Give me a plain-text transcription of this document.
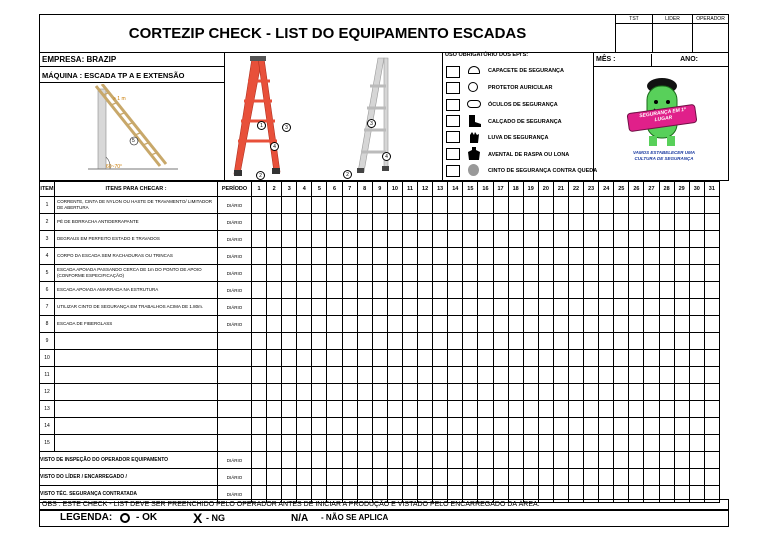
CORTEZIP CHECK - LIST DO EQUIPAMENTO ESCADAS
TST	LIDER	OPERADOR
EMPRESA: BRAZIP
MÁQUINA : ESCADA TP A E EXTENSÃO
> 1 m
5
60~70°
1	3
4
2
3
4
2
USO OBRIGATÓRIO DOS EPI'S:
CAPACETE DE SEGURANÇA
PROTETOR AURICULAR
ÓCULOS DE SEGURANÇA
CALÇADO DE SEGURANÇA
LUVA DE SEGURANÇA
AVENTAL DE RASPA OU LONA
CINTO DE SEGURANÇA CONTRA QUEDA
MÊS :	ANO:
SEGURANÇA EM 1º LUGAR
VAMOS ESTABELECER UMA CULTURA DE SEGURANÇA
ITEM	ITENS PARA CHECAR :	PERÍODO	1	2	3	4	5	6	7	8	9	10	11	12	13	14	15	16	17	18	19	20	21	22	23	24	25	26	27	28	29	30	31
1	CORRENTE, CINTA DE NYLON OU HASTE DE TRAVAMENTO/ LIMITADOR DE ABERTURA	DIÁRIO																															
2	PÉ DE BORRACHA ANTIDERRAPANTE	DIÁRIO																															
3	DEGRAUS EM PERFEITO ESTADO E TRAVADOS	DIÁRIO																															
4	CORPO DA ESCADA SEM RACHADURAS OU TRINCAS	DIÁRIO																															
5	ESCADA APOIADA PASSANDO CERCA DE 1m DO PONTO DE APOIO (CONFORME ESPECIFICAÇÃO)	DIÁRIO																															
6	ESCADA APOIADA AMARRADA NA ESTRUTURA	DIÁRIO																															
7	UTILIZAR CINTO DE SEGURANÇA EM TRABALHOS ACIMA DE 1.80m.	DIÁRIO																															
8	ESCADA DE FIBERGLASS	DIÁRIO																															
9																																	
10																																	
11																																	
12																																	
13																																	
14																																	
15																																	
VISTO DE INSPEÇÃO DO OPERADOR EQUIPAMENTO		DIÁRIO																															
VISTO DO LÍDER / ENCARREGADO /		DIÁRIO																															
VISTO TÉC. SEGURANÇA CONTRATADA		DIÁRIO																															
OBS : ESTE CHECK - LIST DEVE SER PREENCHIDO PELO OPERADOR ANTES DE INICIAR A PRODUÇÃO E VISTADO PELO ENCARREGADO DA ÁREA.
LEGENDA: - OK	X - NG	N/A - NÃO SE APLICA
